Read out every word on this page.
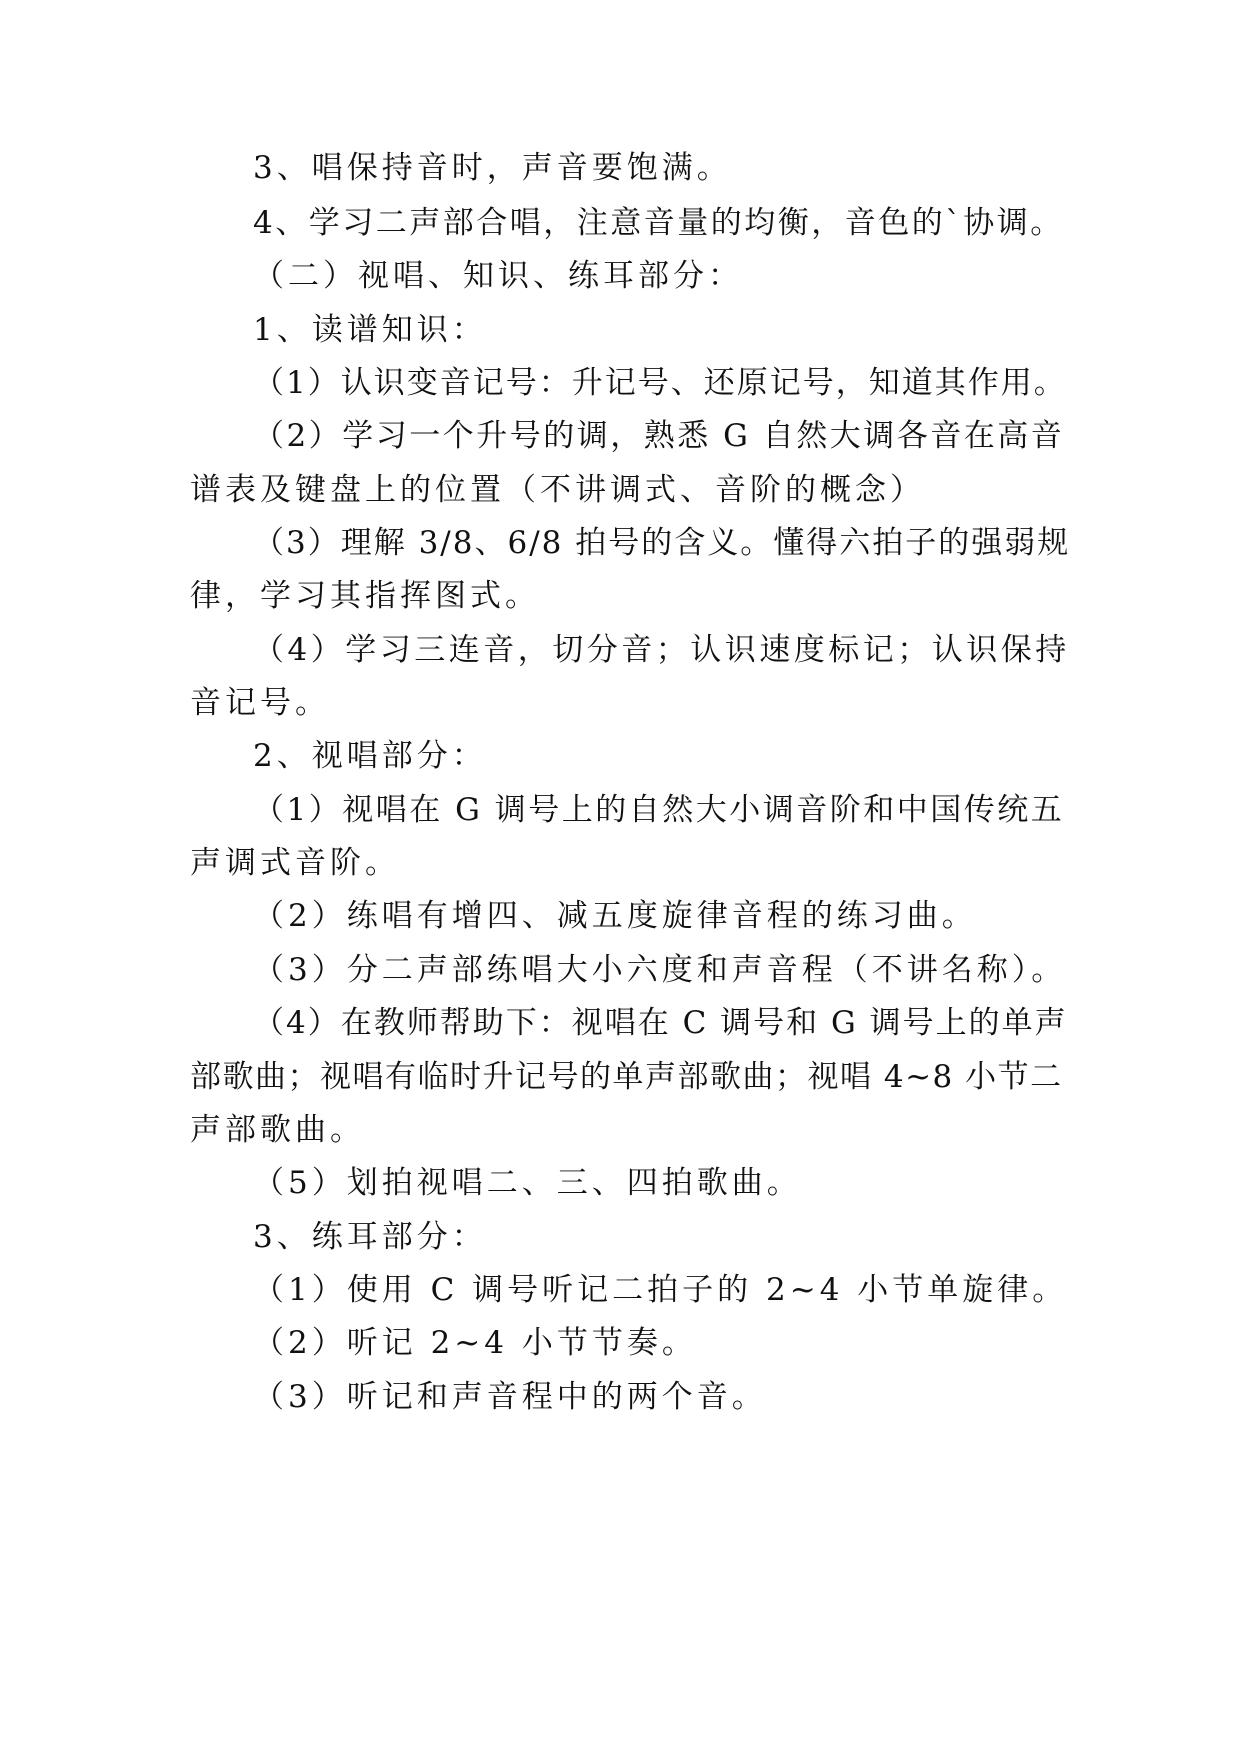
3、唱保持音时，声音要饱满。
4、学习二声部合唱，注意音量的均衡，音色的`协调。
（二）视唱、知识、练耳部分：
1、读谱知识：
（1）认识变音记号：升记号、还原记号，知道其作用。
（2）学习一个升号的调，熟悉 G 自然大调各音在高音
谱表及键盘上的位置（不讲调式、音阶的概念）
（3）理解 3/8、6/8 拍号的含义。懂得六拍子的强弱规
律，学习其指挥图式。
（4）学习三连音，切分音；认识速度标记；认识保持
音记号。
2、视唱部分：
（1）视唱在 G 调号上的自然大小调音阶和中国传统五
声调式音阶。
（2）练唱有增四、减五度旋律音程的练习曲。
（3）分二声部练唱大小六度和声音程（不讲名称）。
（4）在教师帮助下：视唱在 C 调号和 G 调号上的单声
部歌曲；视唱有临时升记号的单声部歌曲；视唱 4~8 小节二
声部歌曲。
（5）划拍视唱二、三、四拍歌曲。
3、练耳部分：
（1）使用 C 调号听记二拍子的 2~4 小节单旋律。
（2）听记 2~4 小节节奏。
（3）听记和声音程中的两个音。
